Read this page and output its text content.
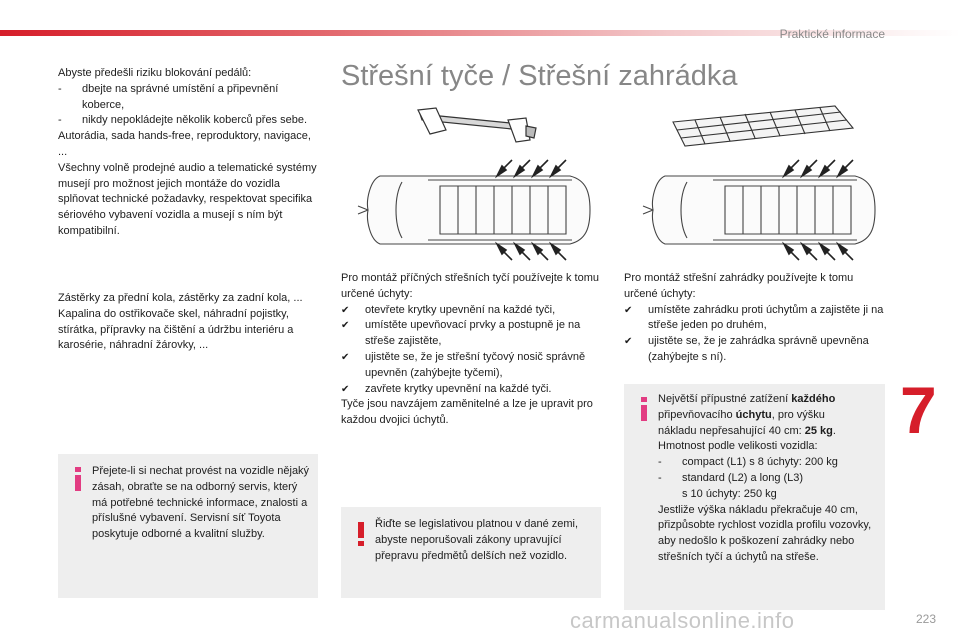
Praktické informace

Abyste předešli riziku blokování pedálů:

-	dbejte na správné umístění a připevnění koberce,
-	nikdy nepokládejte několik koberců přes sebe.

Autorádia, sada hands-free, reproduktory, navigace, ...

Všechny volně prodejné audio a telematické systémy musejí pro možnost jejich montáže do vozidla splňovat technické požadavky, respektovat specifika sériového vybavení vozidla a musejí s ním být kompatibilní.

Zástěrky za přední kola, zástěrky za zadní kola, ...

Kapalina do ostřikovače skel, náhradní pojistky, stírátka, přípravky na čištění a údržbu interiéru a karosérie, náhradní žárovky, ...

Přejete-li si nechat provést na vozidle nějaký zásah, obraťte se na odborný servis, který má potřebné technické informace, znalosti a příslušné vybavení. Servisní síť Toyota poskytuje odborné a kvalitní služby.
Střešní tyče / Střešní zahrádka

Pro montáž příčných střešních tyčí používejte k tomu určené úchyty:

✔	otevřete krytky upevnění na každé tyči,
✔	umístěte upevňovací prvky a postupně je na střeše zajistěte,
✔	ujistěte se, že je střešní tyčový nosič správně upevněn (zahýbejte tyčemi),
✔	zavřete krytky upevnění na každé tyči.

Tyče jsou navzájem zaměnitelné a lze je upravit pro každou dvojici úchytů.

Řiďte se legislativou platnou v dané zemi, abyste neporušovali zákony upravující přepravu předmětů delších než vozidlo.

Pro montáž střešní zahrádky používejte k tomu určené úchyty:

✔	umístěte zahrádku proti úchytům a zajistěte ji na střeše jeden po druhém,
✔	ujistěte se, že je zahrádka správně upevněna (zahýbejte s ní).

Největší přípustné zatížení každého

připevňovacího úchytu, pro výšku

nákladu nepřesahující 40 cm: 25 kg.

Hmotnost podle velikosti vozidla:

-	compact (L1) s 8 úchyty: 200 kg
-	standard (L2) a long (L3)
s 10 úchyty: 250 kg

Jestliže výška nákladu překračuje 40 cm, přizpůsobte rychlost vozidla profilu vozovky, aby nedošlo k poškození zahrádky nebo střešních tyčí a úchytů na střeše.

7
carmanualsonline.info	223
